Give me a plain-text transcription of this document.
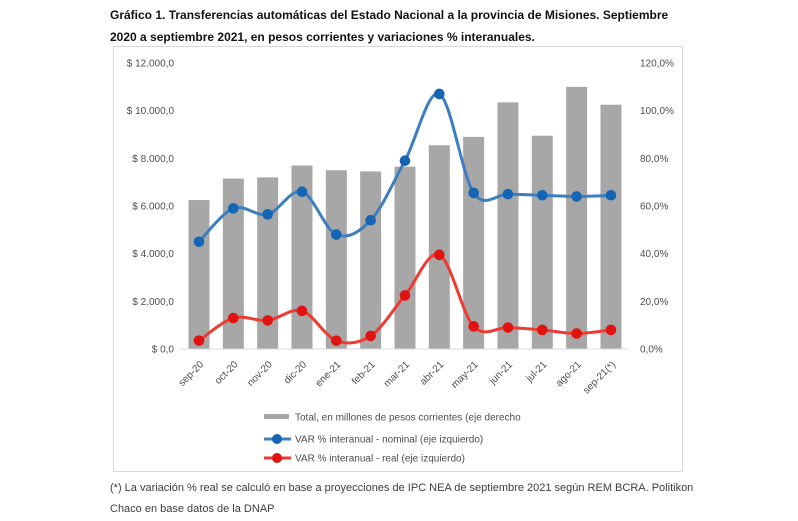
Gráfico 1. Transferencias automáticas del Estado Nacional a la provincia de Misiones. Septiembre
2020 a septiembre 2021, en pesos corrientes y variaciones % interanuales.
$ 0,0
$ 2.000,0
$ 4.000,0
$ 6.000,0
$ 8.000,0
$ 10.000,0
$ 12.000,0
0,0%
20,0%
40,0%
60,0%
80,0%
100,0%
120,0%
sep-20 oct-20 nov-20 dic-20 ene-21 feb-21 mar-21 abr-21 may-21 jun-21 jul-21 ago-21
sep-21(*)
Total, en millones de pesos corrientes (eje derecho
VAR % interanual - nominal (eje izquierdo)
VAR % interanual - real (eje izquierdo)
(*) La variación % real se calculó en base a proyecciones de IPC NEA de septiembre 2021 según REM BCRA. Politikon
Chaco en base datos de la DNAP
